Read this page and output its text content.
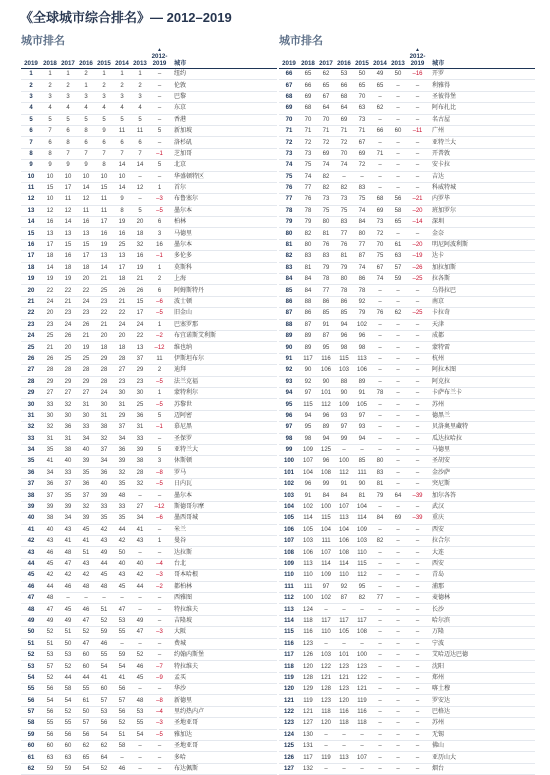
《全球城市综合排名》— 2012–2019
城市排名
2019 2018 2017 2016 2015 2014 2013
▲
2012-2019	城市
1	1	1	2	1	1	1	–	纽约
2	2	2	1	2	2	2	–	伦敦
3	3	3	3	3	3	3	–	巴黎
4	4	4	4	4	4	4	–	东京
5	5	5	5	5	5	5	–	香港
6	7	6	8	9	11	11	5	新加坡
7	6	8	6	6	6	6	–	洛杉矶
8	8	7	7	7	7	7	–1	芝加哥
9	9	9	9	8	14	14	5	北京
10	10	10	10	10	10	–	–	华盛顿特区
11	15	17	14	15	14	12	1	首尔
12	10	11	12	11	9	–	–3	布鲁塞尔
13	12	12	11	11	8	5	–5	墨尔本
14	16	14	16	17	19	20	6	柏林
15	13	13	13	16	16	18	3	马德里
16	17	15	15	19	25	32	16	墨尔本
17	18	16	17	13	13	16	–1	多伦多
18	14	18	18	14	17	19	1	莫斯科
19	19	19	20	21	18	21	2	上海
20	22	22	22	25	26	26	6	阿姆斯特丹
21	24	21	24	23	21	15	–6	波士顿
22	20	23	23	22	22	17	–5	旧金山
23	23	24	26	21	24	24	1	巴塞罗那
24	25	26	21	20	20	22	–2	布宜诺斯艾利斯
25	21	20	19	18	18	13	–12	维也纳
26	26	25	25	29	28	37	11	伊斯坦布尔
27	28	28	28	28	27	29	2	迪拜
28	29	29	29	28	23	23	–5	法兰克福
29	27	27	27	24	30	30	1	蒙特利尔
30	33	32	31	30	31	25	–5	苏黎世
31	30	30	30	31	29	36	5	迈阿密
32	32	36	33	38	37	31	–1	慕尼黑
33	31	31	34	32	34	33	–	圣保罗
34	35	38	40	37	36	39	5	亚特兰大
35	41	40	39	34	39	38	3	休斯顿
36	34	33	35	36	32	28	–8	罗马
37	36	37	36	40	35	32	–5	日内瓦
38	37	35	37	39	48	–	–	墨尔本
39	39	39	32	33	33	27	–12	斯德哥尔摩
40	38	34	39	35	35	34	–6	墨西哥城
41	40	43	45	42	44	41	–	米兰
42	43	41	41	43	42	43	1	曼谷
43	46	48	51	49	50	–	–	达拉斯
44	45	47	43	44	40	40	–4	台北
45	42	42	42	45	43	42	–3	哥本哈根
46	44	46	48	48	45	44	–2	都柏林
47	48	–	–	–	–	–	–	西雅图
48	47	45	46	51	47	–	–	特拉维夫
49	49	49	47	52	53	49	–	吉隆坡
50	52	51	52	59	55	47	–3	大阪
51	51	50	47	46	–	–	–	费城
52	53	53	60	55	59	52	–	约翰内斯堡
53	57	52	60	54	54	46	–7	特拉维夫
54	52	44	44	41	41	45	–9	孟买
55	56	58	55	60	56	–	–	华沙
56	54	54	61	57	57	48	–8	新德里
57	56	52	50	53	56	53	–4	里约热内卢
58	55	55	57	56	52	55	–3	圣地亚哥
59	56	56	56	54	51	54	–5	雅加达
60	60	60	62	62	58	–	–	圣地亚哥
61	63	63	65	64	–	–	–	多哈
62	59	59	54	52	46	–	–	布达佩斯
城市排名
2019 2018 2017 2016 2015 2014 2013
▲
2012-2019	城市
66	65	62	53	50	49	50	–16	开罗
67	66	65	66	65	65	–	–	利雅得
68	69	67	68	70	–	–	–	圣彼得堡
69	68	64	64	63	62	–	–	阿布扎比
70	70	70	69	73	–	–	–	名古屋
71	71	71	71	71	66	60	–11	广州
72	72	72	72	67	–	–	–	亚特兰大
73	73	69	70	69	71	–	–	开普敦
74	75	74	74	72	–	–	–	安卡拉
75	74	82	–	–	–	–	–	吉达
76	77	82	82	83	–	–	–	科威特城
77	76	73	73	75	68	56	–21	内罗毕
78	78	75	75	74	69	58	–20	班加罗尔
79	79	80	83	84	73	65	–14	深圳
80	82	81	77	80	72	–	–	金奈
81	80	76	76	77	70	61	–20	明尼阿波利斯
82	83	83	81	87	75	63	–19	达卡
83	81	79	79	74	67	57	–26	加拉加斯
84	84	78	80	86	74	59	–25	拉各斯
85	84	77	78	78	–	–	–	乌得拉巴
86	88	86	86	92	–	–	–	南京
87	86	85	85	79	76	62	–25	卡拉奇
88	87	91	94	102	–	–	–	天津
89	89	87	96	96	–	–	–	成都
90	89	95	98	98	–	–	–	蒙特雷
91	117	116	115	113	–	–	–	杭州
92	90	106	103	106	–	–	–	阿拉木图
93	92	90	88	89	–	–	–	阿克拉
94	97	101	90	91	78	–	–	卡萨布兰卡
95	115	112	109	105	–	–	–	苏州
96	94	96	93	97	–	–	–	德黑兰
97	95	89	97	93	–	–	–	贝洛奥里藏特
98	98	94	99	94	–	–	–	瓜达拉哈拉
99	109	125	–	–	–	–	–	马德里
100	107	96	100	85	80	–	–	圣胡安
101	104	108	112	111	83	–	–	金沙萨
102	96	99	91	90	81	–	–	突尼斯
103	91	84	84	81	79	64	–39	加尔各答
104	102	100	107	104	–	–	–	武汉
105	114	115	113	114	84	69	–39	重庆
106	105	104	104	109	–	–	–	西安
107	103	111	106	103	82	–	–	拉合尔
108	106	107	108	110	–	–	–	大连
109	113	114	114	115	–	–	–	西安
110	110	109	110	112	–	–	–	青岛
111	111	97	92	95	–	–	–	浦那
112	100	102	87	82	77	–	–	麦德林
113	124	–	–	–	–	–	–	长沙
114	118	117	117	117	–	–	–	哈尔滨
115	116	110	105	108	–	–	–	万隆
116	123	–	–	–	–	–	–	宁波
117	126	103	101	100	–	–	–	艾哈迈达巴德
118	120	122	123	123	–	–	–	沈阳
119	128	121	121	122	–	–	–	郑州
120	129	128	123	121	–	–	–	喀土穆
121	119	123	120	119	–	–	–	罗安达
122	121	118	116	116	–	–	–	巴格达
123	127	120	118	118	–	–	–	苏州
124	130	–	–	–	–	–	–	无锡
125	131	–	–	–	–	–	–	佛山
126	117	119	113	107	–	–	–	亚历山大
127	132	–	–	–	–	–	–	烟台
